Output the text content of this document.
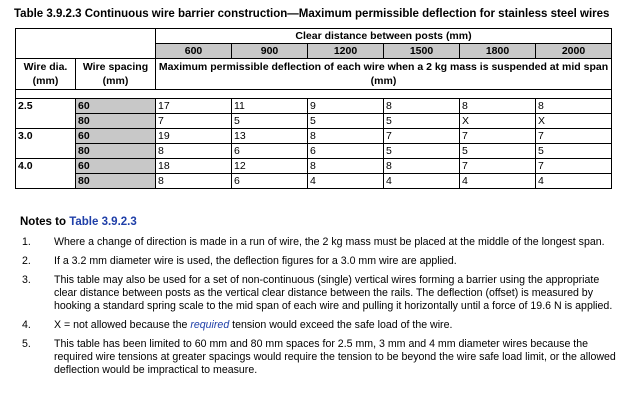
Table 3.9.2.3 Continuous wire barrier construction—Maximum permissible deflection for stainless steel wires
		Clear distance between posts (mm)					
		600	900	1200	1500	1800	2000
Wire dia. (mm)	Wire spacing (mm)	Maximum permissible deflection of each wire when a 2 kg mass is suspended at mid span (mm)					

2.5	60	17	11	9	8	8	8
	80	7	5	5	5	X	X
3.0	60	19	13	8	7	7	7
	80	8	6	6	5	5	5
4.0	60	18	12	8	8	7	7
	80	8	6	4	4	4	4
Notes to Table 3.9.2.3
1.	Where a change of direction is made in a run of wire, the 2 kg mass must be placed at the middle of the longest span.
2.	If a 3.2 mm diameter wire is used, the deflection figures for a 3.0 mm wire are applied.
3.	This table may also be used for a set of non-continuous (single) vertical wires forming a barrier using the appropriate clear distance between posts as the vertical clear distance between the rails. The deflection (offset) is measured by hooking a standard spring scale to the mid span of each wire and pulling it horizontally until a force of 19.6 N is applied.
4.	X = not allowed because the required tension would exceed the safe load of the wire.
5.	This table has been limited to 60 mm and 80 mm spaces for 2.5 mm, 3 mm and 4 mm diameter wires because the required wire tensions at greater spacings would require the tension to be beyond the wire safe load limit, or the allowed deflection would be impractical to measure.
